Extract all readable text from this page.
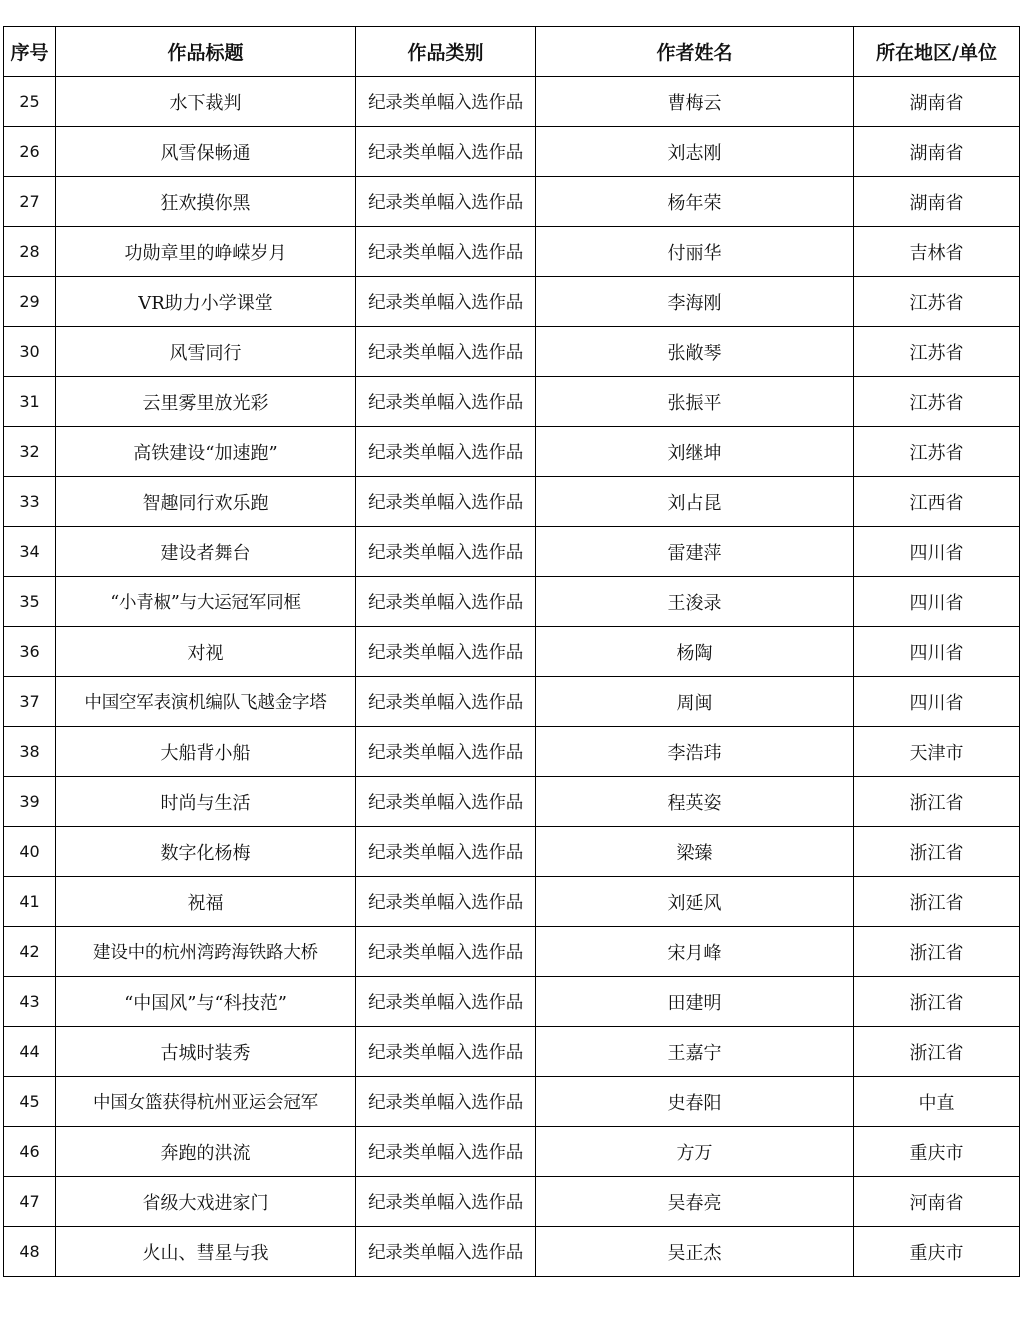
序号	作品标题	作品类别	作者姓名	所在地区/单位
25	水下裁判	纪录类单幅入选作品	曹梅云	湖南省
26	风雪保畅通	纪录类单幅入选作品	刘志刚	湖南省
27	狂欢摸你黑	纪录类单幅入选作品	杨年荣	湖南省
28	功勋章里的峥嵘岁月	纪录类单幅入选作品	付丽华	吉林省
29	VR助力小学课堂	纪录类单幅入选作品	李海刚	江苏省
30	风雪同行	纪录类单幅入选作品	张敞琴	江苏省
31	云里雾里放光彩	纪录类单幅入选作品	张振平	江苏省
32	高铁建设“加速跑”	纪录类单幅入选作品	刘继坤	江苏省
33	智趣同行欢乐跑	纪录类单幅入选作品	刘占昆	江西省
34	建设者舞台	纪录类单幅入选作品	雷建萍	四川省
35	“小青椒”与大运冠军同框	纪录类单幅入选作品	王浚录	四川省
36	对视	纪录类单幅入选作品	杨陶	四川省
37	中国空军表演机编队飞越金字塔	纪录类单幅入选作品	周闽	四川省
38	大船背小船	纪录类单幅入选作品	李浩玮	天津市
39	时尚与生活	纪录类单幅入选作品	程英姿	浙江省
40	数字化杨梅	纪录类单幅入选作品	梁臻	浙江省
41	祝福	纪录类单幅入选作品	刘延风	浙江省
42	建设中的杭州湾跨海铁路大桥	纪录类单幅入选作品	宋月峰	浙江省
43	“中国风”与“科技范”	纪录类单幅入选作品	田建明	浙江省
44	古城时装秀	纪录类单幅入选作品	王嘉宁	浙江省
45	中国女篮获得杭州亚运会冠军	纪录类单幅入选作品	史春阳	中直
46	奔跑的洪流	纪录类单幅入选作品	方万	重庆市
47	省级大戏进家门	纪录类单幅入选作品	吴春亮	河南省
48	火山、彗星与我	纪录类单幅入选作品	吴正杰	重庆市
